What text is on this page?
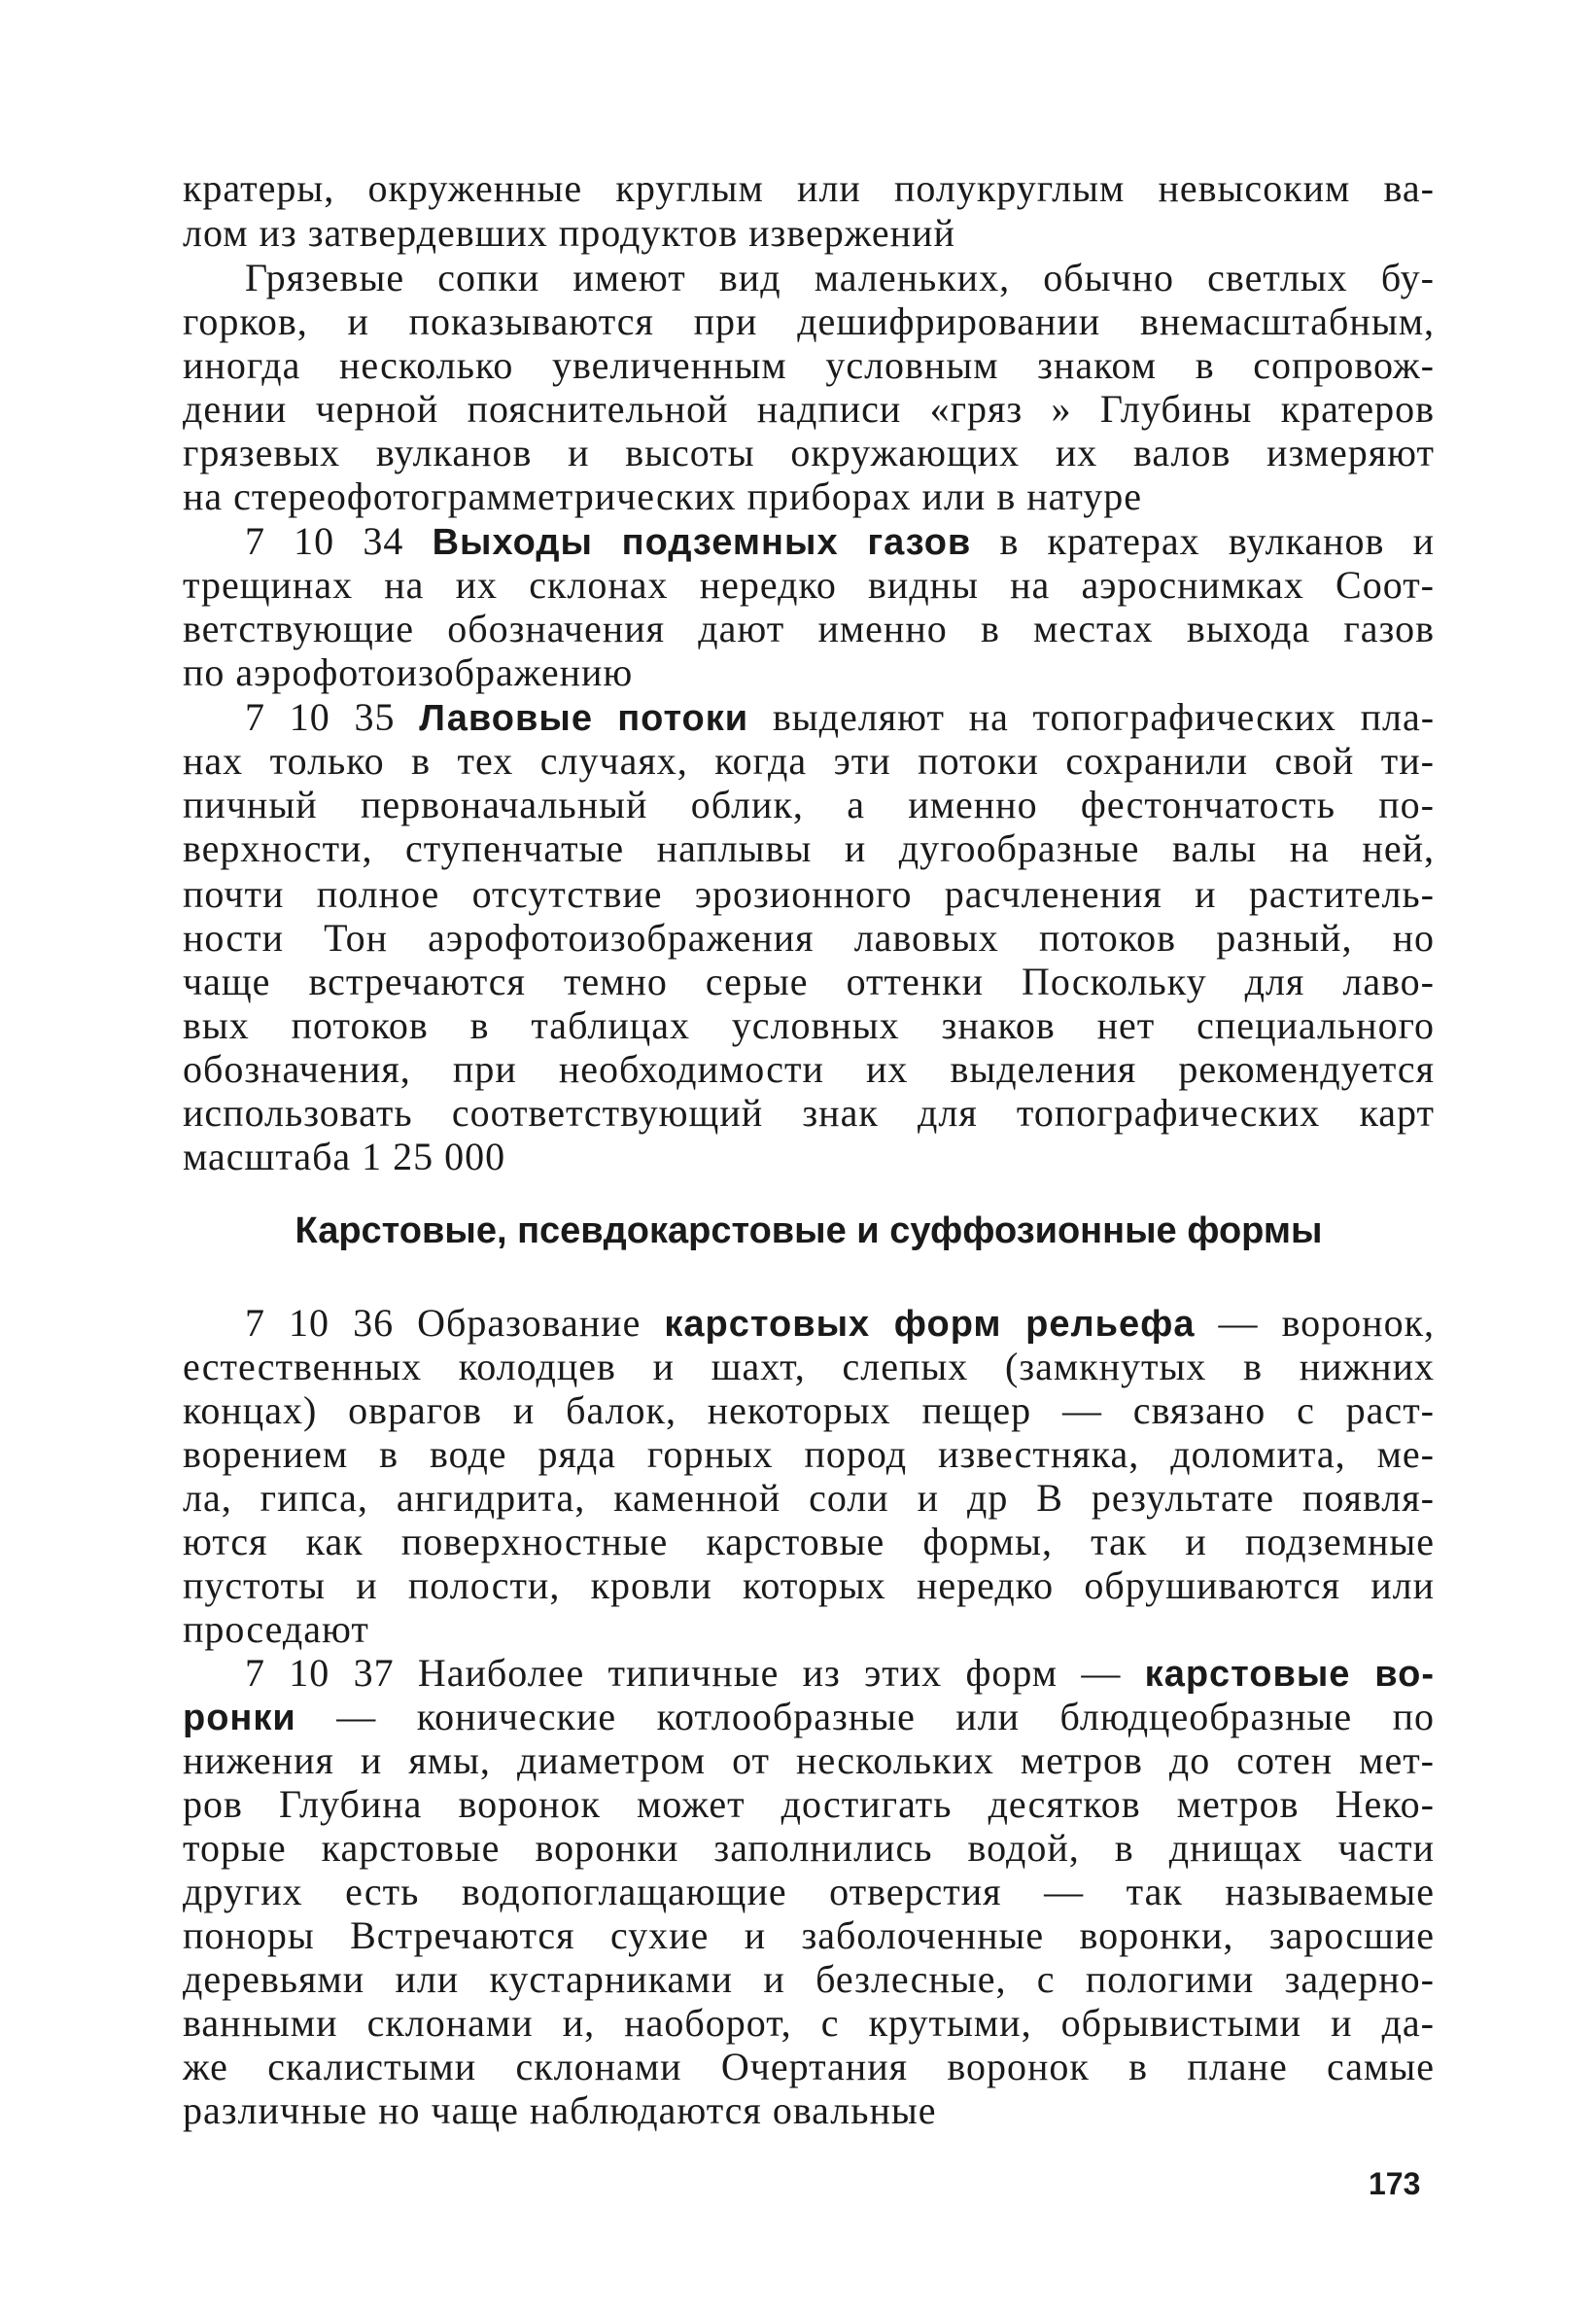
кратеры, окруженные круглым или полукруглым невысоким ва-
лом из затвердевших продуктов извержений
Грязевые сопки имеют вид маленьких, обычно светлых бу-
горков, и показываются при дешифрировании внемасштабным,
иногда несколько увеличенным условным знаком в сопровож-
дении черной пояснительной надписи «гряз » Глубины кратеров
грязевых вулканов и высоты окружающих их валов измеряют
на стереофотограмметрических приборах или в натуре
7 10 34 Выходы подземных газов в кратерах вулканов и
трещинах на их склонах нередко видны на аэроснимках Соот-
ветствующие обозначения дают именно в местах выхода газов
по аэрофотоизображению
7 10 35 Лавовые потоки выделяют на топографических пла-
нах только в тех случаях, когда эти потоки сохранили свой ти-
пичный первоначальный облик, а именно фестончатость по-
верхности, ступенчатые наплывы и дугообразные валы на ней,
почти полное отсутствие эрозионного расчленения и раститель-
ности Тон аэрофотоизображения лавовых потоков разный, но
чаще встречаются темно серые оттенки Поскольку для лаво-
вых потоков в таблицах условных знаков нет специального
обозначения, при необходимости их выделения рекомендуется
использовать соответствующий знак для топографических карт
масштаба 1 25 000
Карстовые, псевдокарстовые и суффозионные формы
7 10 36 Образование карстовых форм рельефа — воронок,
естественных колодцев и шахт, слепых (замкнутых в нижних
концах) оврагов и балок, некоторых пещер — связано с раст-
ворением в воде ряда горных пород известняка, доломита, ме-
ла, гипса, ангидрита, каменной соли и др В результате появля-
ются как поверхностные карстовые формы, так и подземные
пустоты и полости, кровли которых нередко обрушиваются или
проседают
7 10 37 Наиболее типичные из этих форм — карстовые во-
ронки — конические котлообразные или блюдцеобразные по
нижения и ямы, диаметром от нескольких метров до сотен мет-
ров Глубина воронок может достигать десятков метров Неко-
торые карстовые воронки заполнились водой, в днищах части
других есть водопоглащающие отверстия — так называемые
поноры Встречаются сухие и заболоченные воронки, заросшие
деревьями или кустарниками и безлесные, с пологими задерно-
ванными склонами и, наоборот, с крутыми, обрывистыми и да-
же скалистыми склонами Очертания воронок в плане самые
различные но чаще наблюдаются овальные
173
